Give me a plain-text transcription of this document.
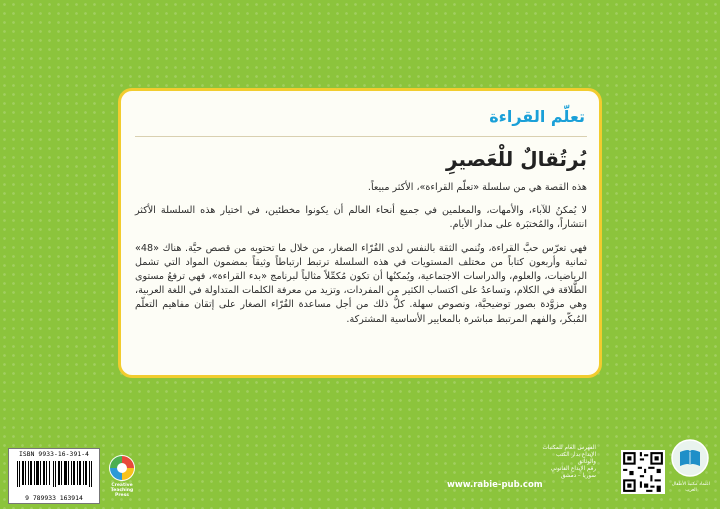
تعلّم القراءة
بُرتُقالٌ للْعَصيرِ

هذه القصة هي من سلسلة «تعلّم القراءة»، الأكثر مبيعاً.

لا يُمكنُ للآباء، والأمهات، والمعلمين في جميع أنحاء العالم أن يكونوا مخطئين، في اختيار هذه السلسلة الأكثر انتشاراً، والمُختبَرة على مدار الأيام.

فهي تعرّس حبَّ القراءة، وتُنمي الثقة بالنفس لدى القُرّاء الصغار، من خلال ما تحتويه من قصص حيَّة. هناك «48» ثمانية وأربعون كتاباً من مختلف المستويات في هذه السلسلة ترتبط ارتباطاً وثيقاً بمضمون المواد التي تشمل الرياضيات، والعلوم، والدراسات الاجتماعية، ويُمكنُها أن تكون مُكمِّلاً مثالياً لبرنامج «بدء القراءة»، فهي ترفعُ مستوى الطَّلاقة في الكلام، وتساعدُ على اكتساب الكثير من المفردات، وتزيد من معرفة الكلمات المتداولة في اللغة العربية، وهي مزوَّدة بصور توضيحيَّة، ونصوص سهلة. كلُّ ذلك من أجل مساعدة القُرّاء الصغار على إتقان مفاهيم التعلّم المُبكّر، والفهم المرتبط مباشرة بالمعايير الأساسية المشتركة.

ISBN 9933-16-391-4
9 789933 163914
Creative Teaching Press
www.rabie-pub.com
الفهرس العام للمكتبات
الإيداع بدار الكتب والوثائق
رقم الإيداع القانوني
سوريا – دمشق
اعتماد مكتبة الأطفال العرب
